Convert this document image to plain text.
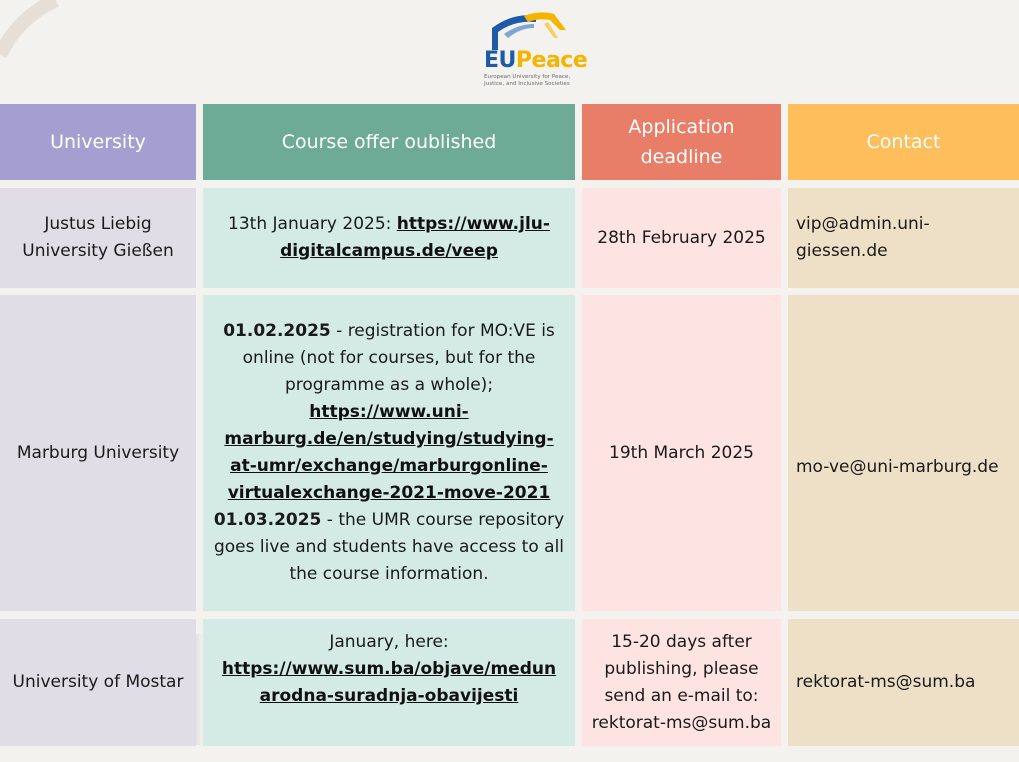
EUPeace
European University for Peace, Justice, and Inclusive Societies
University	Course offer oublished
Application deadline
Contact
Justus Liebig University Gießen
13th January 2025: https://www.jlu-digitalcampus.de/veep
28th February 2025
vip@admin.uni-giessen.de
Marburg University
01.02.2025 - registration for MO:VE is online (not for courses, but for the programme as a whole); https://www.uni-marburg.de/en/studying/studying-at-umr/exchange/marburgonline-virtualexchange-2021-move-2021
01.03.2025 - the UMR course repository goes live and students have access to all the course information.
19th March 2025
mo-ve@uni-marburg.de
University of Mostar
January, here: https://www.sum.ba/objave/medunarodna-suradnja-obavijesti
15-20 days after publishing, please send an e-mail to: rektorat-ms@sum.ba
rektorat-ms@sum.ba
